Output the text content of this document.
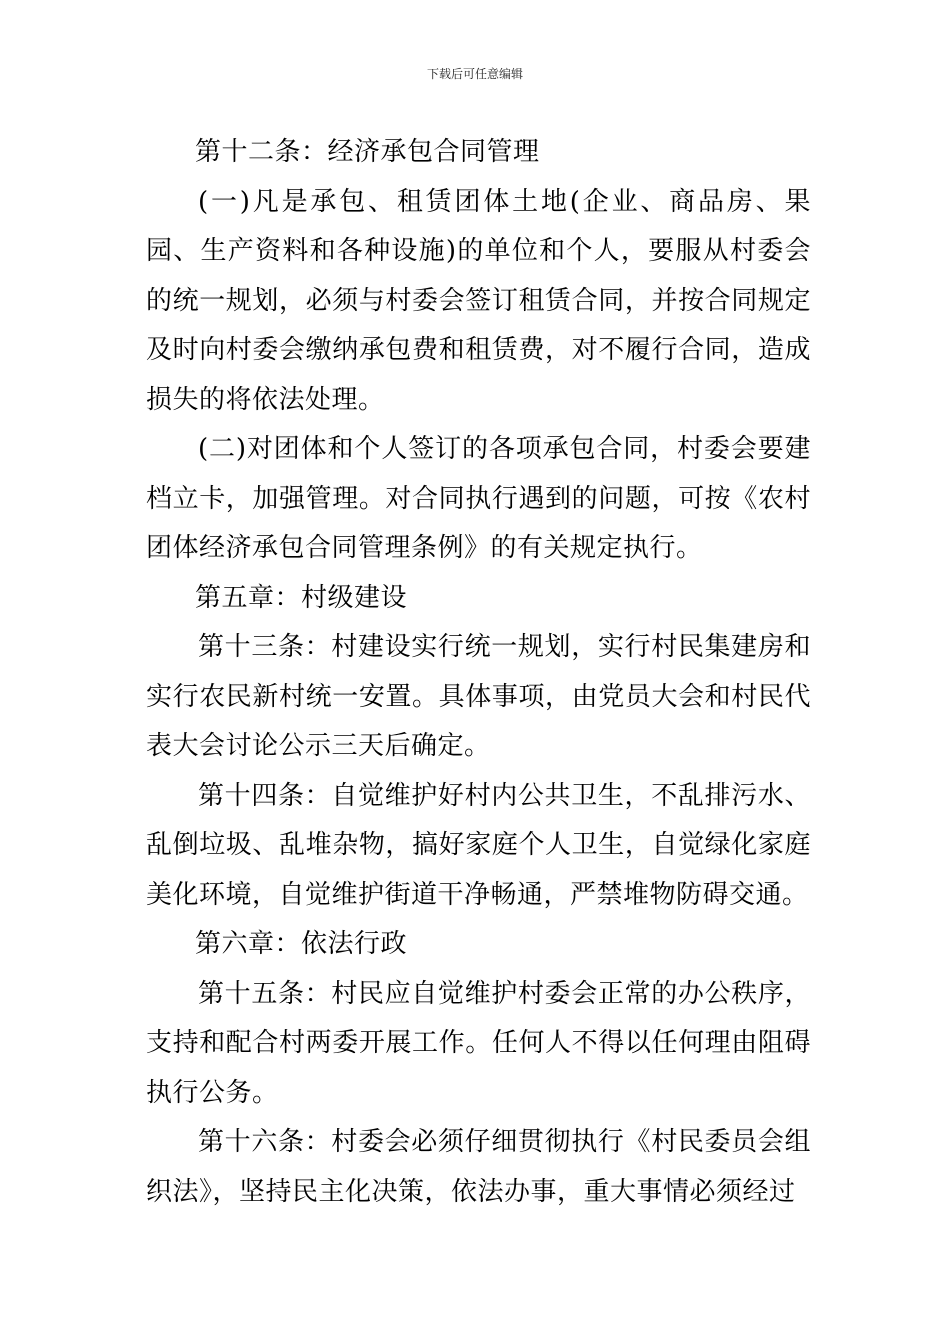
下载后可任意编辑

第十二条：经济承包合同管理

(一)凡是承包、租赁团体土地(企业、商品房、果园、生产资料和各种设施)的单位和个人，要服从村委会的统一规划，必须与村委会签订租赁合同，并按合同规定及时向村委会缴纳承包费和租赁费，对不履行合同，造成损失的将依法处理。

(二)对团体和个人签订的各项承包合同，村委会要建档立卡，加强管理。对合同执行遇到的问题，可按《农村团体经济承包合同管理条例》的有关规定执行。

第五章：村级建设

第十三条：村建设实行统一规划，实行村民集建房和实行农民新村统一安置。具体事项，由党员大会和村民代表大会讨论公示三天后确定。

第十四条：自觉维护好村内公共卫生，不乱排污水、乱倒垃圾、乱堆杂物，搞好家庭个人卫生，自觉绿化家庭美化环境，自觉维护街道干净畅通，严禁堆物防碍交通。

第六章：依法行政

第十五条：村民应自觉维护村委会正常的办公秩序，支持和配合村两委开展工作。任何人不得以任何理由阻碍执行公务。

第十六条：村委会必须仔细贯彻执行《村民委员会组织法》，坚持民主化决策，依法办事，重大事情必须经过
